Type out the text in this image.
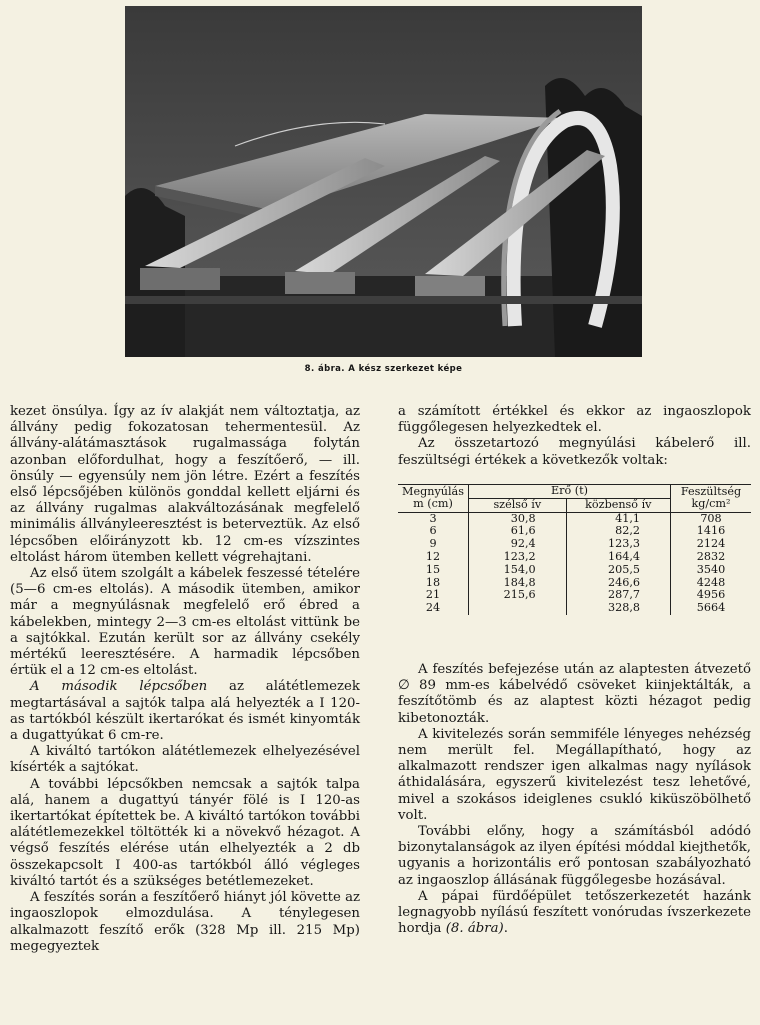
8. ábra. A kész szerkezet képe

kezet önsúlya. Így az ív alakját nem változtatja, az állvány pedig fokozatosan tehermentesül. Az állvány-alátámasztások rugalmassága folytán azonban előfordulhat, hogy a feszítőerő, — ill. önsúly — egyensúly nem jön létre. Ezért a feszítés első lépcsőjében különös gonddal kellett eljárni és az állvány rugalmas alakváltozásának megfelelő minimális állványleeresztést is beterveztük. Az első lépcsőben előirányzott kb. 12 cm-es vízszintes eltolást három ütemben kellett végrehajtani.

Az első ütem szolgált a kábelek feszessé tételére (5—6 cm-es eltolás). A második ütemben, amikor már a megnyúlásnak megfelelő erő ébred a kábelekben, mintegy 2—3 cm-es eltolást vittünk be a sajtókkal. Ezután került sor az állvány csekély mértékű leeresztésére. A harmadik lépcsőben értük el a 12 cm-es eltolást.

A második lépcsőben az alátétlemezek megtartásával a sajtók talpa alá helyezték a I 120-as tartókból készült ikertarókat és ismét kinyomták a dugattyúkat 6 cm-re.

A kiváltó tartókon alátétlemezek elhelyezésével kísérték a sajtókat.

A további lépcsőkben nemcsak a sajtók talpa alá, hanem a dugattyú tányér fölé is I 120-as ikertartókat építettek be. A kiváltó tartókon további alátétlemezekkel töltötték ki a növekvő hézagot. A végső feszítés elérése után elhelyezték a 2 db összekapcsolt I 400-as tartókból álló végleges kiváltó tartót és a szükséges betétlemezeket.

A feszítés során a feszítőerő hiányt jól követte az ingaoszlopok elmozdulása. A ténylegesen alkalmazott feszítő erők (328 Mp ill. 215 Mp) megegyeztek

a számított értékkel és ekkor az ingaoszlopok függőlegesen helyezkedtek el.

Az összetartozó megnyúlási kábelerő ill. feszültségi értékek a következők voltak:

Megnyúlás m (cm)	Erő (t)		Feszültség kg/cm²
	szélső ív	közbenső ív	
3	30,8	41,1	708
6	61,6	82,2	1416
9	92,4	123,3	2124
12	123,2	164,4	2832
15	154,0	205,5	3540
18	184,8	246,6	4248
21	215,6	287,7	4956
24		328,8	5664

A feszítés befejezése után az alaptesten átvezető ∅ 89 mm-es kábelvédő csöveket kiinjektálták, a feszítőtömb és az alaptest közti hézagot pedig kibetonozták.

A kivitelezés során semmiféle lényeges nehézség nem merült fel. Megállapítható, hogy az alkalmazott rendszer igen alkalmas nagy nyílások áthidalására, egyszerű kivitelezést tesz lehetővé, mivel a szokásos ideiglenes csukló kiküszöbölhető volt.

További előny, hogy a számításból adódó bizonytalanságok az ilyen építési móddal kiejthetők, ugyanis a horizontális erő pontosan szabályozható az ingaoszlop állásának függőlegesbe hozásával.

A pápai fürdőépület tetőszerkezetét hazánk legnagyobb nyílású feszített vonórudas ívszerkezete hordja (8. ábra).
